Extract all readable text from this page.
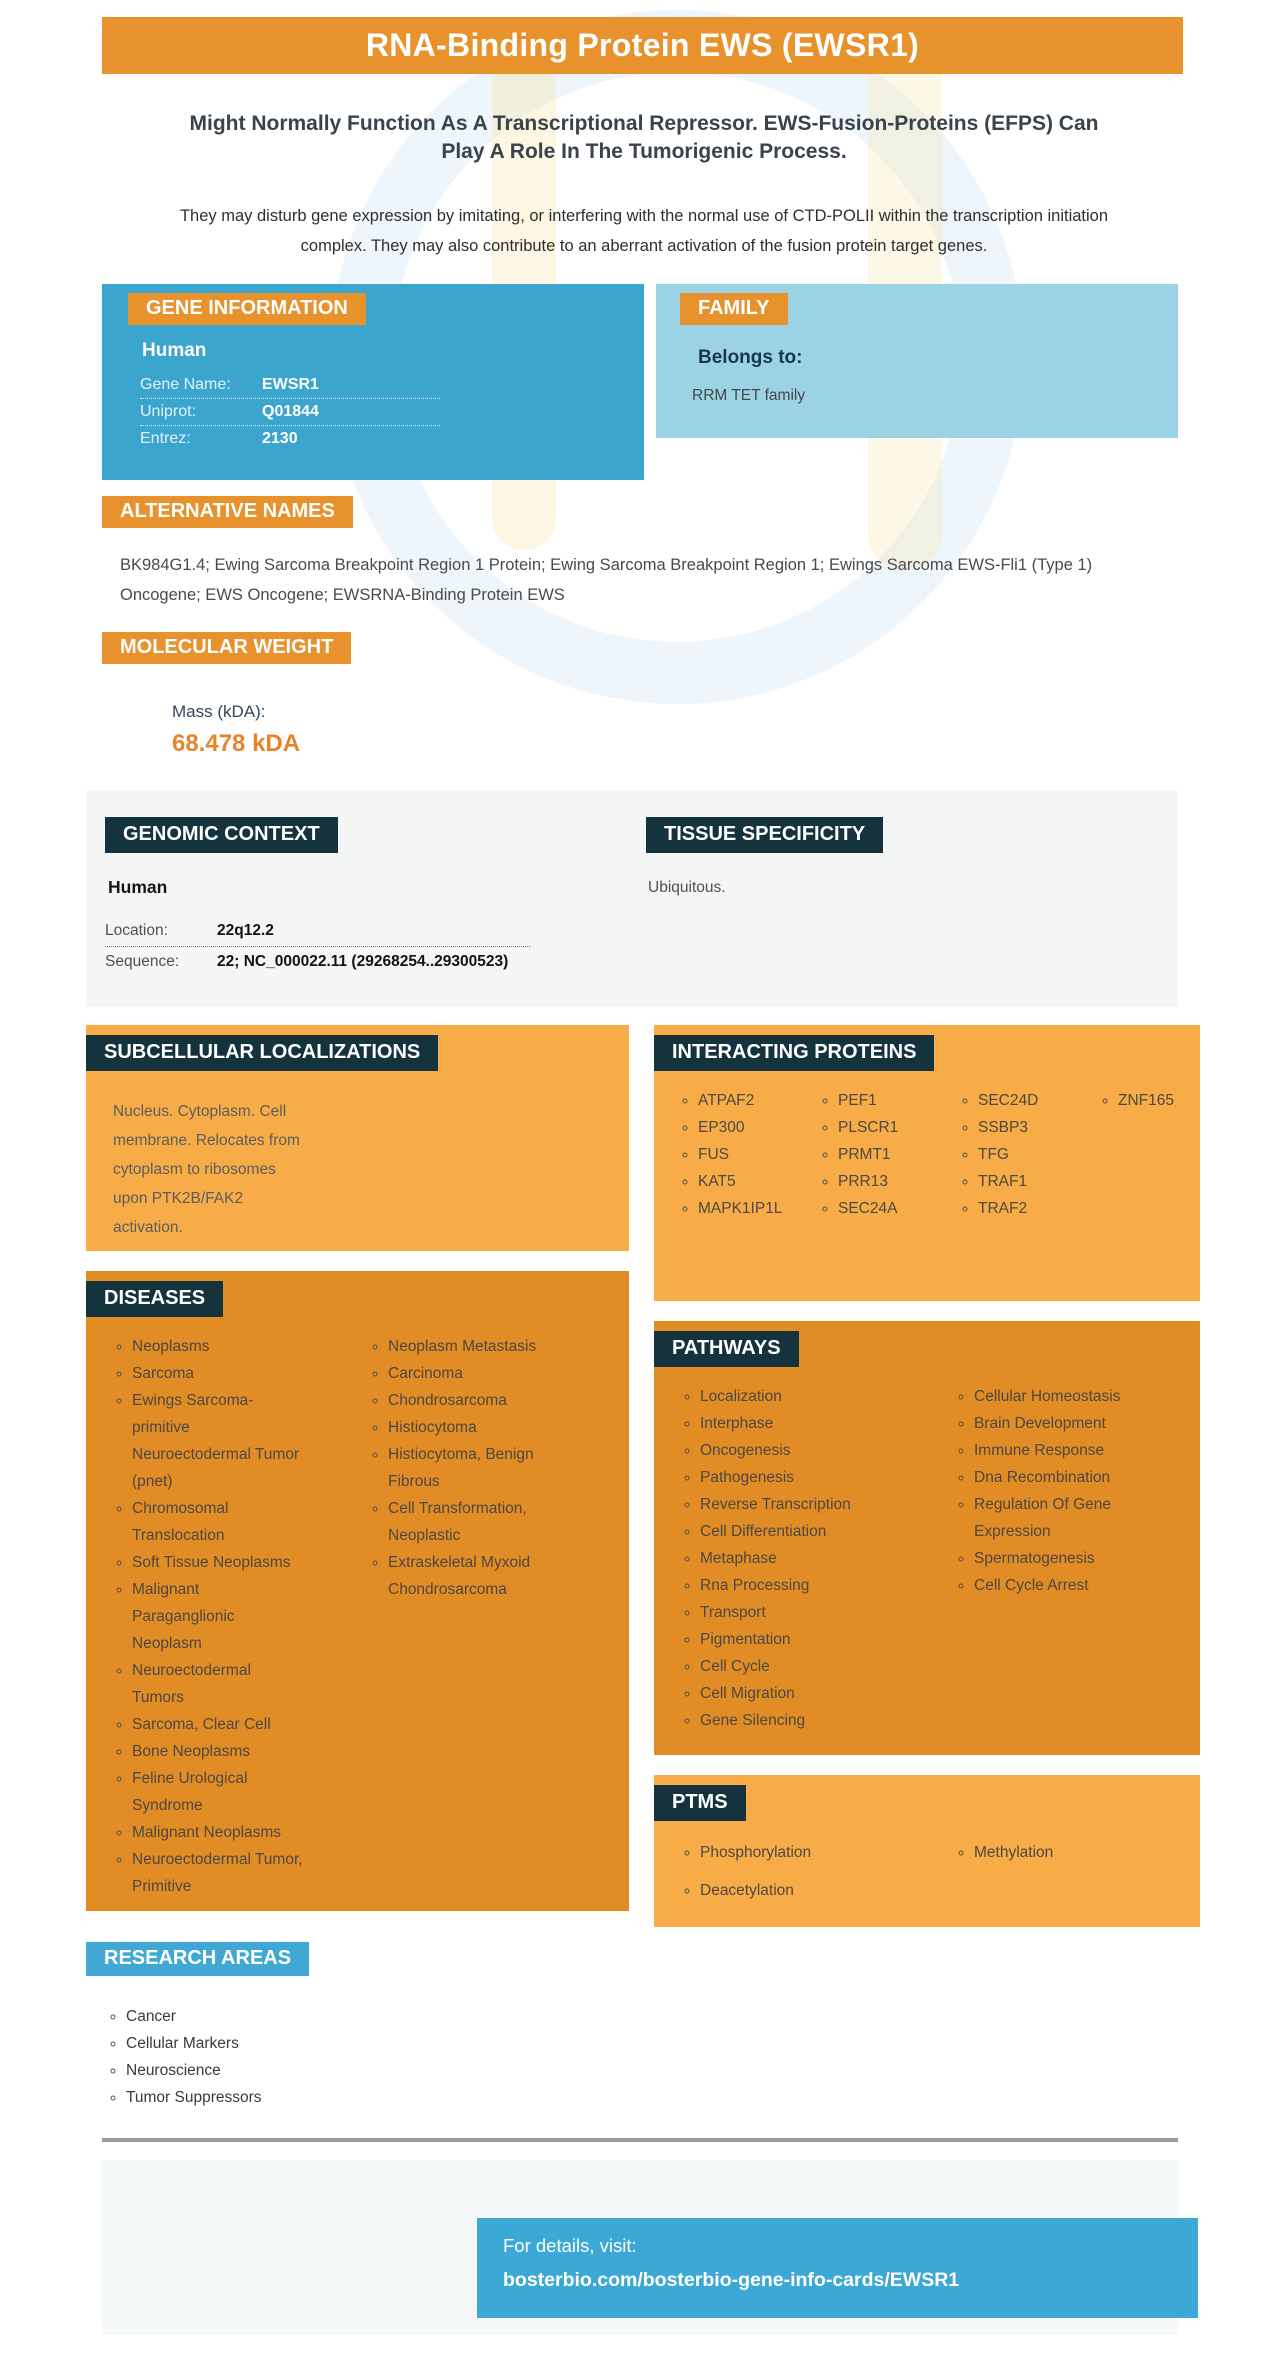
RNA-Binding Protein EWS (EWSR1)
Might Normally Function As A Transcriptional Repressor. EWS-Fusion-Proteins (EFPS) Can Play A Role In The Tumorigenic Process.

They may disturb gene expression by imitating, or interfering with the normal use of CTD-POLII within the transcription initiation complex. They may also contribute to an aberrant activation of the fusion protein target genes.

GENE INFORMATION
Human
Gene Name:	EWSR1
Uniprot:	Q01844
Entrez:	2130
FAMILY
Belongs to:
RRM TET family
ALTERNATIVE NAMES

BK984G1.4; Ewing Sarcoma Breakpoint Region 1 Protein; Ewing Sarcoma Breakpoint Region 1; Ewings Sarcoma EWS-Fli1 (Type 1) Oncogene; EWS Oncogene; EWSRNA-Binding Protein EWS

MOLECULAR WEIGHT
Mass (kDA):
68.478 kDA
GENOMIC CONTEXT
Human
Location:	22q12.2
Sequence:	22; NC_000022.11 (29268254..29300523)
TISSUE SPECIFICITY
Ubiquitous.
SUBCELLULAR LOCALIZATIONS

Nucleus. Cytoplasm. Cell membrane. Relocates from cytoplasm to ribosomes upon PTK2B/FAK2 activation.

DISEASES
◦ Neoplasms
◦ Sarcoma
◦ Ewings Sarcoma-primitive Neuroectodermal Tumor (pnet)
◦ Chromosomal Translocation
◦ Soft Tissue Neoplasms
◦ Malignant Paraganglionic Neoplasm
◦ Neuroectodermal Tumors
◦ Sarcoma, Clear Cell
◦ Bone Neoplasms
◦ Feline Urological Syndrome
◦ Malignant Neoplasms
◦ Neuroectodermal Tumor, Primitive
◦ Neoplasm Metastasis
◦ Carcinoma
◦ Chondrosarcoma
◦ Histiocytoma
◦ Histiocytoma, Benign Fibrous
◦ Cell Transformation, Neoplastic
◦ Extraskeletal Myxoid Chondrosarcoma
RESEARCH AREAS
◦ Cancer
◦ Cellular Markers
◦ Neuroscience
◦ Tumor Suppressors
INTERACTING PROTEINS
◦ ATPAF2
◦ EP300
◦ FUS
◦ KAT5
◦ MAPK1IP1L
◦ PEF1
◦ PLSCR1
◦ PRMT1
◦ PRR13
◦ SEC24A
◦ SEC24D
◦ SSBP3
◦ TFG
◦ TRAF1
◦ TRAF2
◦ ZNF165
PATHWAYS
◦ Localization
◦ Interphase
◦ Oncogenesis
◦ Pathogenesis
◦ Reverse Transcription
◦ Cell Differentiation
◦ Metaphase
◦ Rna Processing
◦ Transport
◦ Pigmentation
◦ Cell Cycle
◦ Cell Migration
◦ Gene Silencing
◦ Cellular Homeostasis
◦ Brain Development
◦ Immune Response
◦ Dna Recombination
◦ Regulation Of Gene Expression
◦ Spermatogenesis
◦ Cell Cycle Arrest
PTMS
◦ Phosphorylation
◦ Deacetylation
◦ Methylation
For details, visit:
bosterbio.com/bosterbio-gene-info-cards/EWSR1
